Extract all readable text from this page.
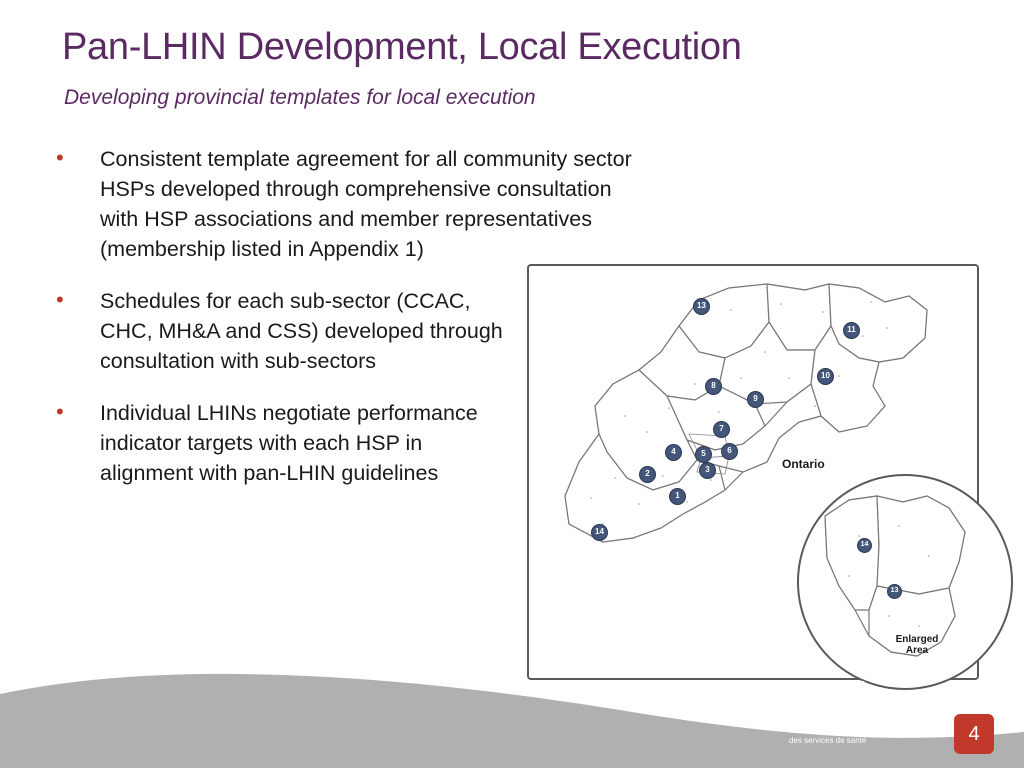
Pan-LHIN Development, Local Execution
Developing provincial templates for local execution
• Consistent template agreement for all community sector HSPs developed through comprehensive consultation with HSP associations and member representatives (membership listed in Appendix 1)
• Schedules for each sub-sector (CCAC, CHC, MH&A and CSS) developed through consultation with sub-sectors
• Individual LHINs negotiate performance indicator targets with each HSP in alignment with pan-LHIN guidelines
13
11
10
9
8
7
6
5
4
3
2
1
14
Ontario
14
13
Enlarged Area
Ontario
Local Health Integration
Network
Réseau local d'intégration
des services de santé	4
